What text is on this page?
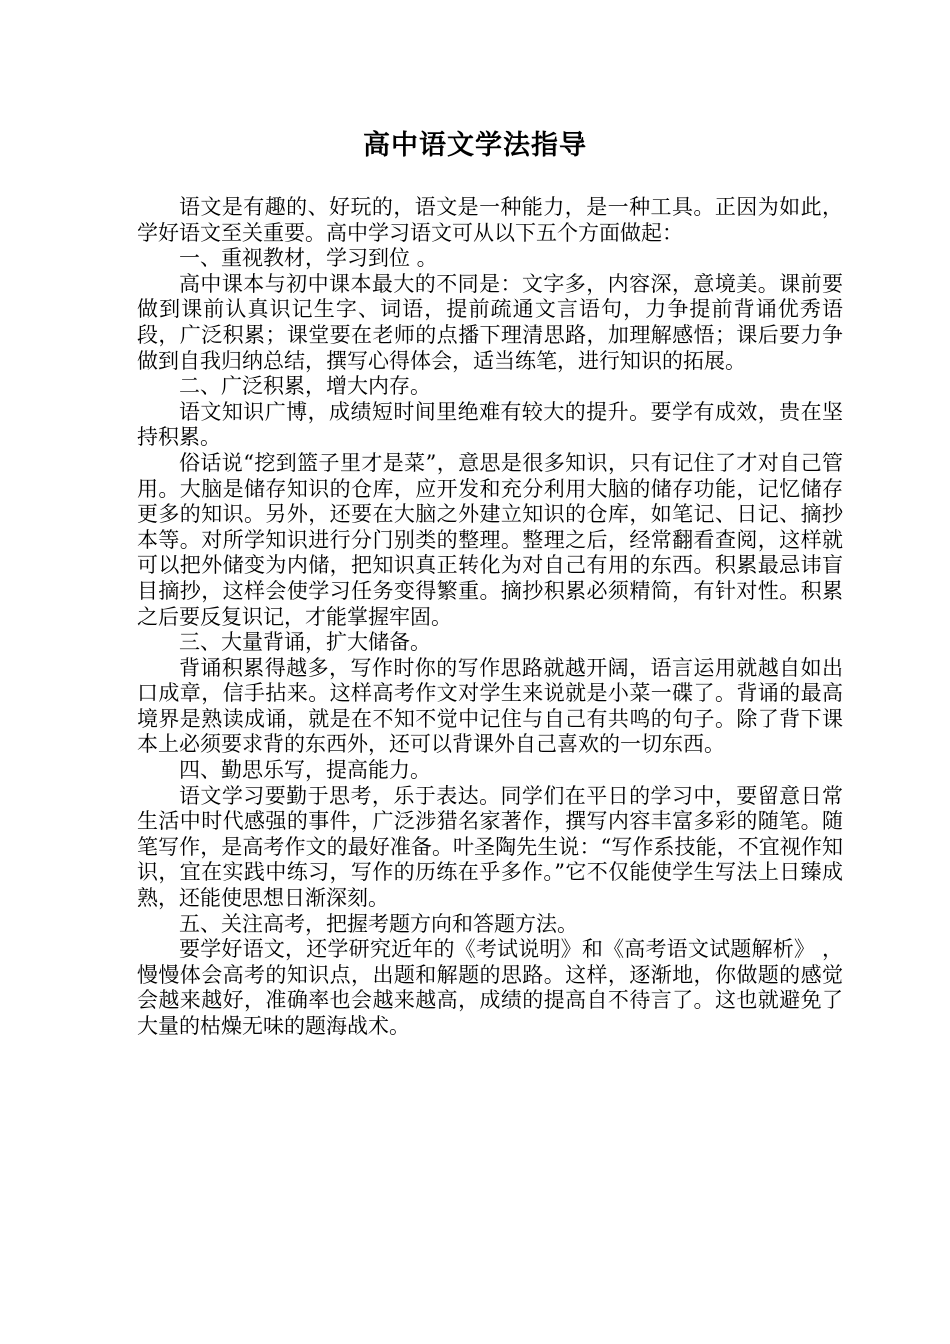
高中语文学法指导

语文是有趣的、好玩的，语文是一种能力，是一种工具。正因为如此，学好语文至关重要。高中学习语文可从以下五个方面做起：

一、重视教材，学习到位 。

高中课本与初中课本最大的不同是：文字多，内容深，意境美。课前要做到课前认真识记生字、词语，提前疏通文言语句，力争提前背诵优秀语段，广泛积累；课堂要在老师的点播下理清思路，加理解感悟；课后要力争做到自我归纳总结，撰写心得体会，适当练笔，进行知识的拓展。

二、广泛积累，增大内存。

语文知识广博，成绩短时间里绝难有较大的提升。要学有成效，贵在坚持积累。

俗话说“挖到篮子里才是菜”，意思是很多知识，只有记住了才对自己管用。大脑是储存知识的仓库，应开发和充分利用大脑的储存功能，记忆储存更多的知识。另外，还要在大脑之外建立知识的仓库，如笔记、日记、摘抄本等。对所学知识进行分门别类的整理。整理之后，经常翻看查阅，这样就可以把外储变为内储，把知识真正转化为对自己有用的东西。积累最忌讳盲目摘抄，这样会使学习任务变得繁重。摘抄积累必须精简，有针对性。积累之后要反复识记，才能掌握牢固。

三、大量背诵，扩大储备。

背诵积累得越多，写作时你的写作思路就越开阔，语言运用就越自如出口成章，信手拈来。这样高考作文对学生来说就是小菜一碟了。背诵的最高境界是熟读成诵，就是在不知不觉中记住与自己有共鸣的句子。除了背下课本上必须要求背的东西外，还可以背课外自己喜欢的一切东西。

四、勤思乐写，提高能力。

语文学习要勤于思考，乐于表达。同学们在平日的学习中，要留意日常生活中时代感强的事件，广泛涉猎名家著作，撰写内容丰富多彩的随笔。随笔写作，是高考作文的最好准备。叶圣陶先生说：“写作系技能，不宜视作知识，宜在实践中练习，写作的历练在乎多作。”它不仅能使学生写法上日臻成熟，还能使思想日渐深刻。

五、关注高考，把握考题方向和答题方法。

要学好语文，还学研究近年的《考试说明》和《高考语文试题解析》 ，慢慢体会高考的知识点，出题和解题的思路。这样，逐渐地，你做题的感觉会越来越好，准确率也会越来越高，成绩的提高自不待言了。这也就避免了大量的枯燥无味的题海战术。
